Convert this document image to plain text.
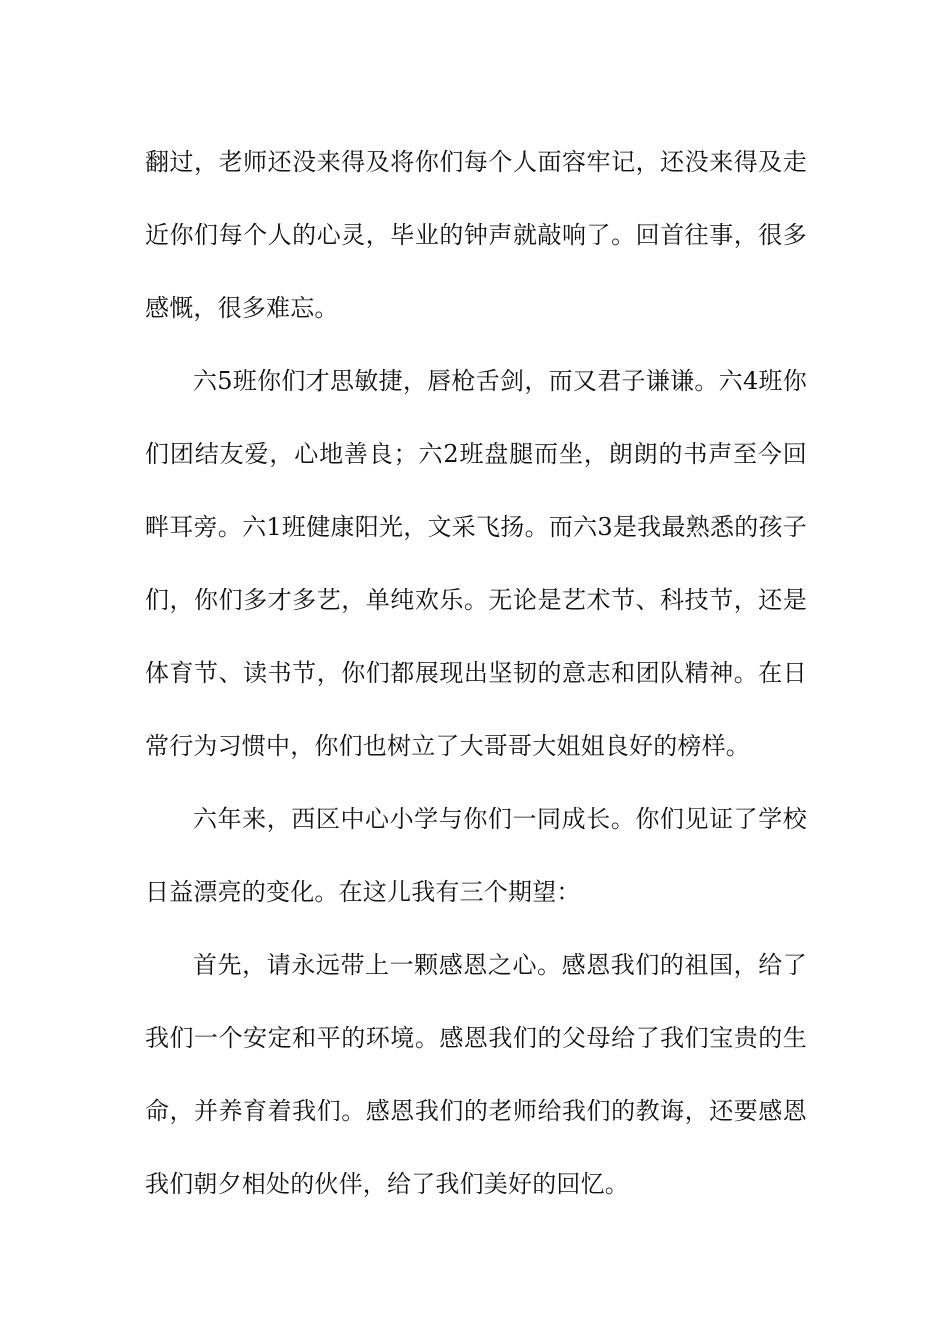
翻过，老师还没来得及将你们每个人面容牢记，还没来得及走近你们每个人的心灵，毕业的钟声就敲响了。回首往事，很多感慨，很多难忘。

六5班你们才思敏捷，唇枪舌剑，而又君子谦谦。六4班你们团结友爱，心地善良；六2班盘腿而坐，朗朗的书声至今回畔耳旁。六1班健康阳光，文采飞扬。而六3是我最熟悉的孩子们，你们多才多艺，单纯欢乐。无论是艺术节、科技节，还是体育节、读书节，你们都展现出坚韧的意志和团队精神。在日常行为习惯中，你们也树立了大哥哥大姐姐良好的榜样。

六年来，西区中心小学与你们一同成长。你们见证了学校日益漂亮的变化。在这儿我有三个期望：

首先，请永远带上一颗感恩之心。感恩我们的祖国，给了我们一个安定和平的环境。感恩我们的父母给了我们宝贵的生命，并养育着我们。感恩我们的老师给我们的教诲，还要感恩我们朝夕相处的伙伴，给了我们美好的回忆。
